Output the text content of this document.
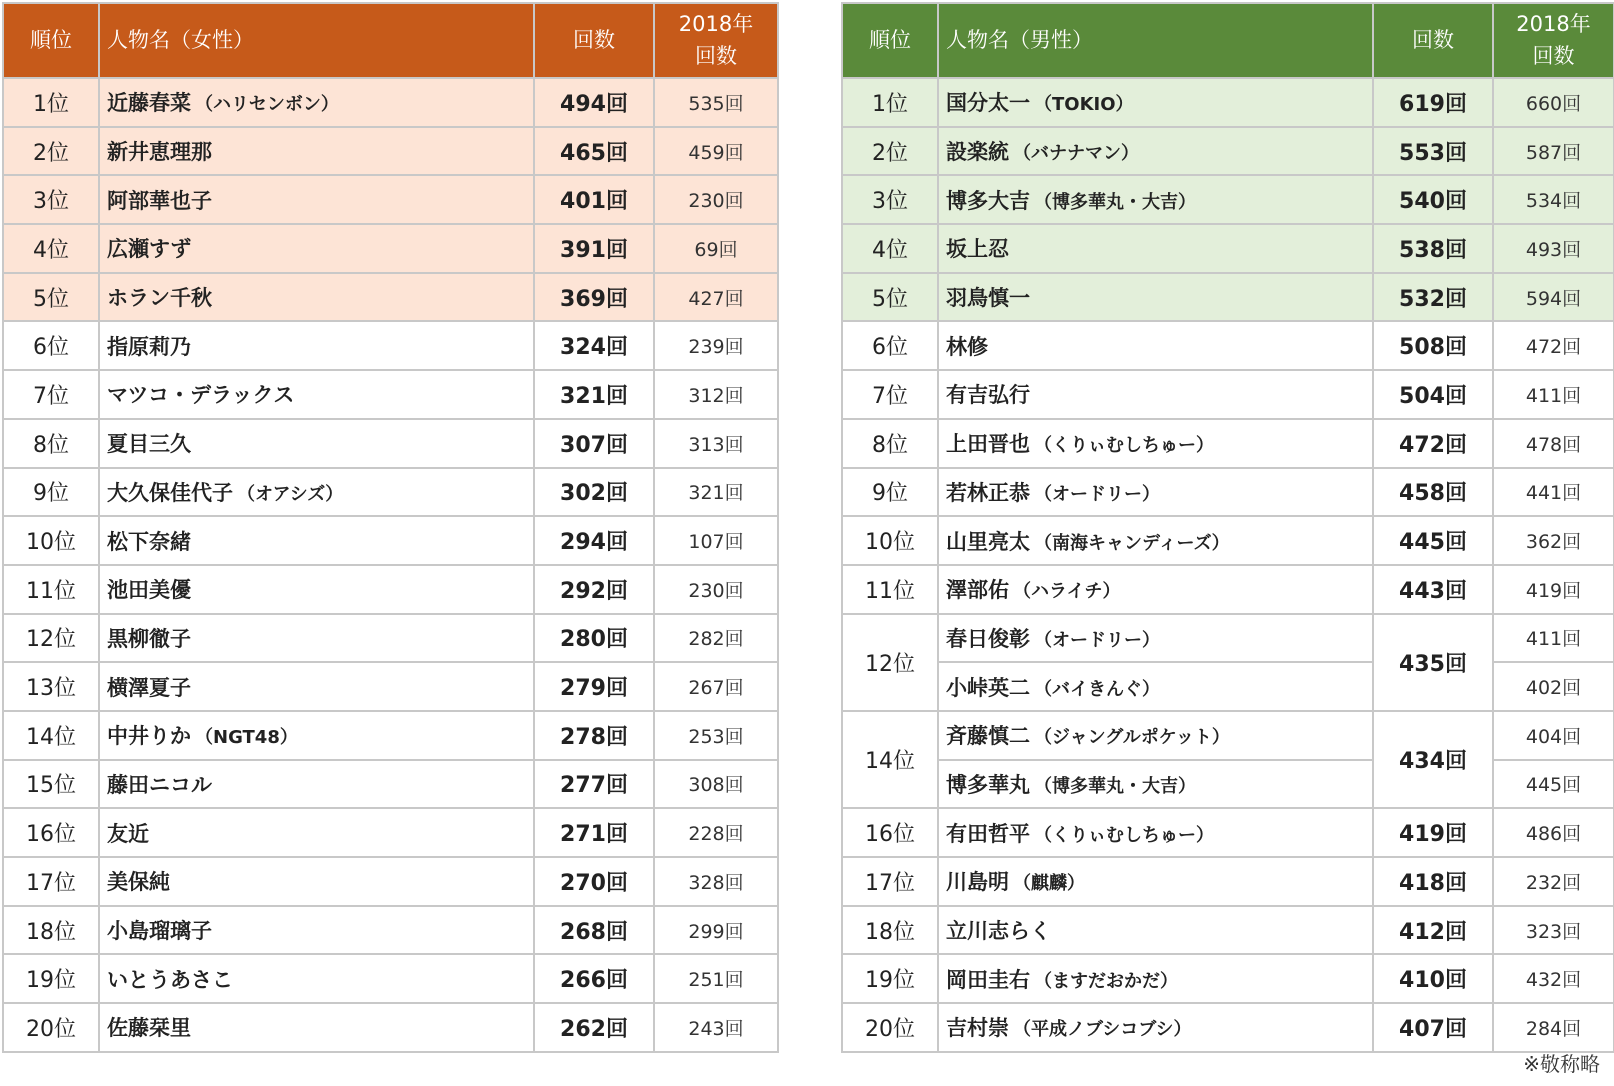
順位	人物名（女性）	回数	2018年
回数

1位	近藤春菜 （ハリセンボン）	494回	535回
2位	新井恵理那	465回	459回
3位	阿部華也子	401回	230回
4位	広瀬すず	391回	69回
5位	ホラン千秋	369回	427回
6位	指原莉乃	324回	239回
7位	マツコ・デラックス	321回	312回
8位	夏目三久	307回	313回
9位	大久保佳代子 （オアシズ）	302回	321回
10位	松下奈緒	294回	107回
11位	池田美優	292回	230回
12位	黒柳徹子	280回	282回
13位	横澤夏子	279回	267回
14位	中井りか （NGT48）	278回	253回
15位	藤田ニコル	277回	308回
16位	友近	271回	228回
17位	美保純	270回	328回
18位	小島瑠璃子	268回	299回
19位	いとうあさこ	266回	251回
20位	佐藤栞里	262回	243回
順位	人物名（男性）	回数	2018年
回数

1位	国分太一 （TOKIO）	619回	660回
2位	設楽統 （バナナマン）	553回	587回
3位	博多大吉 （博多華丸・大吉）	540回	534回
4位	坂上忍	538回	493回
5位	羽鳥慎一	532回	594回
6位	林修	508回	472回
7位	有吉弘行	504回	411回
8位	上田晋也 （くりぃむしちゅー）	472回	478回
9位	若林正恭 （オードリー）	458回	441回
10位	山里亮太 （南海キャンディーズ）	445回	362回
11位	澤部佑 （ハライチ）	443回	419回
12位	春日俊彰 （オードリー）	435回	411回
	小峠英二 （バイきんぐ）		402回
14位	斉藤慎二 （ジャングルポケット）	434回	404回
	博多華丸 （博多華丸・大吉）		445回
16位	有田哲平 （くりぃむしちゅー）	419回	486回
17位	川島明 （麒麟）	418回	232回
18位	立川志らく	412回	323回
19位	岡田圭右 （ますだおかだ）	410回	432回
20位	吉村崇 （平成ノブシコブシ）	407回	284回
※敬称略
